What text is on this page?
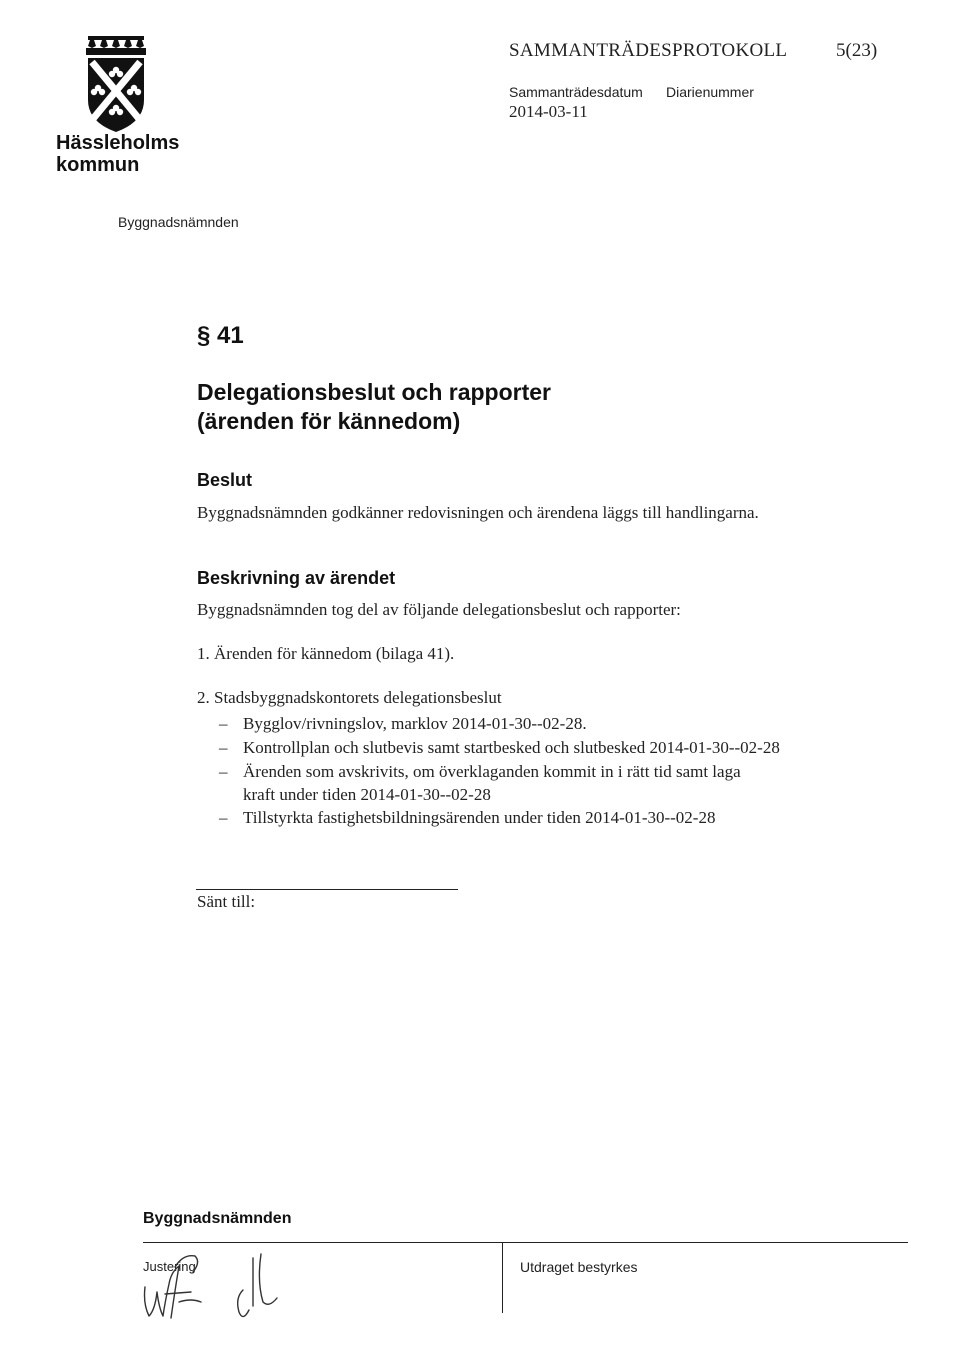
Hässleholms
kommun
SAMMANTRÄDESPROTOKOLL	5(23)
Sammanträdesdatum
2014-03-11
Diarienummer
Byggnadsnämnden
§ 41
Delegationsbeslut och rapporter
(ärenden för kännedom)
Beslut
Byggnadsnämnden godkänner redovisningen och ärendena läggs till handlingarna.
Beskrivning av ärendet
Byggnadsnämnden tog del av följande delegationsbeslut och rapporter:
1. Ärenden för kännedom (bilaga 41).
2. Stadsbyggnadskontorets delegationsbeslut
– Bygglov/rivningslov, marklov 2014-01-30--02-28.
– Kontrollplan och slutbevis samt startbesked och slutbesked 2014-01-30--02-28
– Ärenden som avskrivits, om överklaganden kommit in i rätt tid samt laga
kraft under tiden 2014-01-30--02-28
– Tillstyrkta fastighetsbildningsärenden under tiden 2014-01-30--02-28
Sänt till:
Byggnadsnämnden
Justering	Utdraget bestyrkes
